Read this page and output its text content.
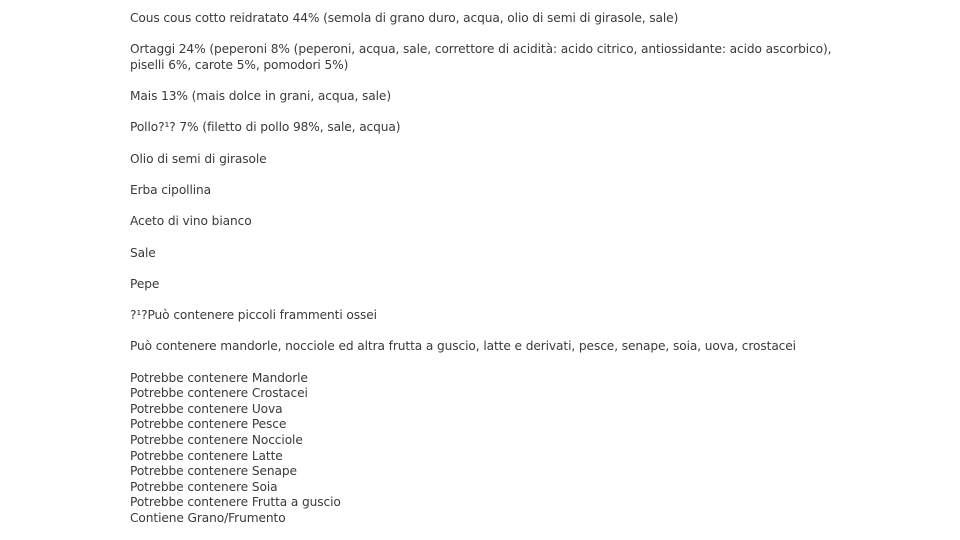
Cous cous cotto reidratato 44% (semola di grano duro, acqua, olio di semi di girasole, sale)

Ortaggi 24% (peperoni 8% (peperoni, acqua, sale, correttore di acidità: acido citrico, antiossidante: acido ascorbico),
piselli 6%, carote 5%, pomodori 5%)

Mais 13% (mais dolce in grani, acqua, sale)

Pollo?¹? 7% (filetto di pollo 98%, sale, acqua)

Olio di semi di girasole

Erba cipollina

Aceto di vino bianco

Sale

Pepe

?¹?Può contenere piccoli frammenti ossei

Può contenere mandorle, nocciole ed altra frutta a guscio, latte e derivati, pesce, senape, soia, uova, crostacei

Potrebbe contenere Mandorle
Potrebbe contenere Crostacei
Potrebbe contenere Uova
Potrebbe contenere Pesce
Potrebbe contenere Nocciole
Potrebbe contenere Latte
Potrebbe contenere Senape
Potrebbe contenere Soia
Potrebbe contenere Frutta a guscio
Contiene Grano/Frumento
